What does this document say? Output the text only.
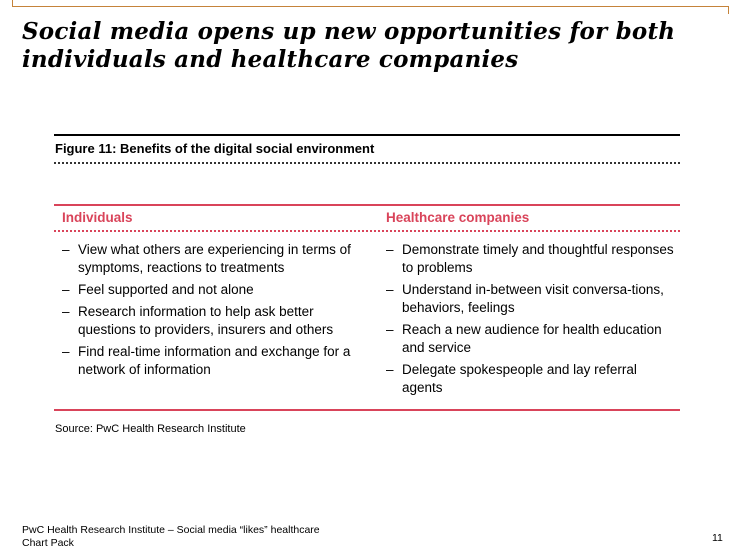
Social media opens up new opportunities for both individuals and healthcare companies

Figure 11: Benefits of the digital social environment

Individuals	Healthcare companies
– View what others are experiencing in terms of symptoms, reactions to treatments
– Feel supported and not alone
– Research information to help ask better questions to providers, insurers and others
– Find real-time information and exchange for a network of information
– Demonstrate timely and thoughtful responses to problems
– Understand in-between visit conversa-tions, behaviors, feelings
– Reach a new audience for health education and service
– Delegate spokespeople and lay referral agents
Source: PwC Health Research Institute
PwC Health Research Institute – Social media “likes” healthcare
Chart Pack	11
